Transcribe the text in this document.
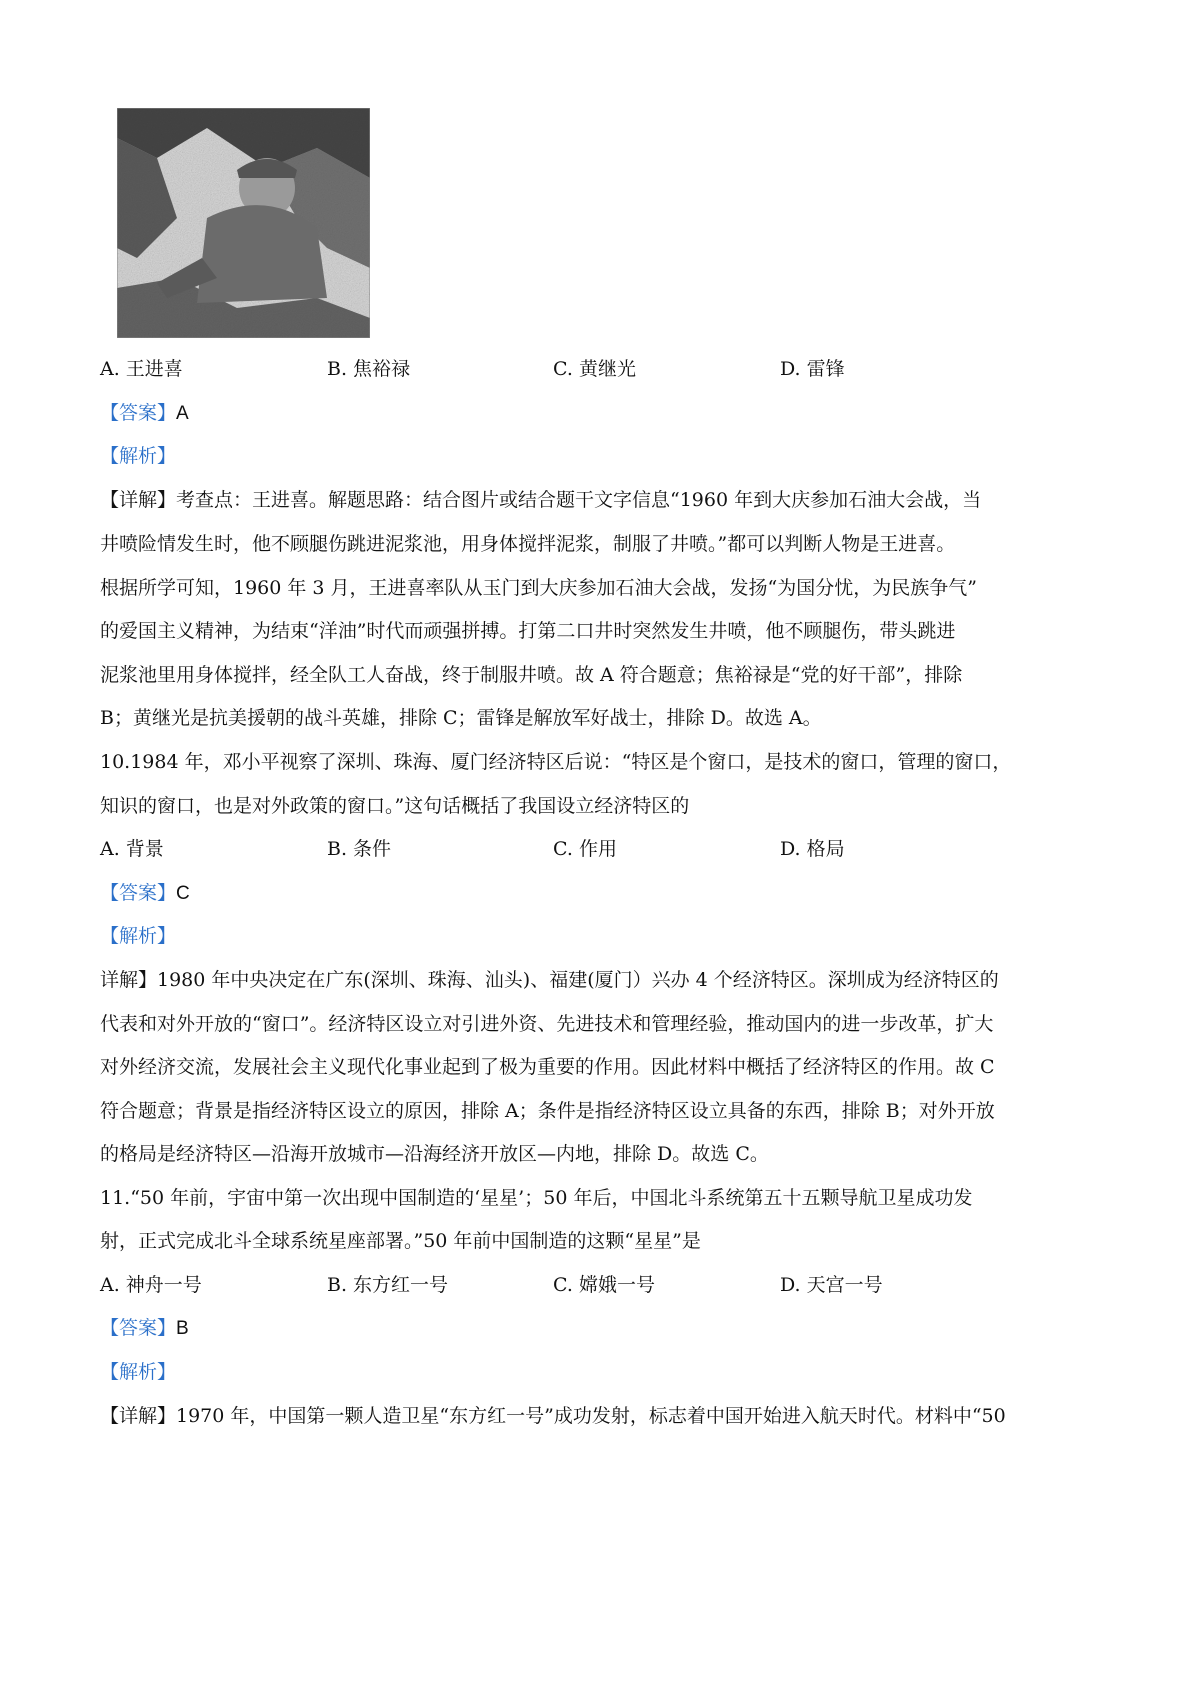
A. 王进喜	B. 焦裕禄	C. 黄继光	D. 雷锋
【答案】A
【解析】
【详解】考查点：王进喜。解题思路：结合图片或结合题干文字信息“1960 年到大庆参加石油大会战，当
井喷险情发生时，他不顾腿伤跳进泥浆池，用身体搅拌泥浆，制服了井喷。”都可以判断人物是王进喜。
根据所学可知，1960 年 3 月，王进喜率队从玉门到大庆参加石油大会战，发扬“为国分忧，为民族争气”
的爱国主义精神，为结束“洋油”时代而顽强拼搏。打第二口井时突然发生井喷，他不顾腿伤，带头跳进
泥浆池里用身体搅拌，经全队工人奋战，终于制服井喷。故 A 符合题意；焦裕禄是“党的好干部”，排除
B；黄继光是抗美援朝的战斗英雄，排除 C；雷锋是解放军好战士，排除 D。故选 A。
10.1984 年，邓小平视察了深圳、珠海、厦门经济特区后说：“特区是个窗口，是技术的窗口，管理的窗口，
知识的窗口，也是对外政策的窗口。”这句话概括了我国设立经济特区的
A. 背景	B. 条件	C. 作用	D. 格局
【答案】C
【解析】
详解】1980 年中央决定在广东(深圳、珠海、汕头)、福建(厦门）兴办 4 个经济特区。深圳成为经济特区的
代表和对外开放的“窗口”。经济特区设立对引进外资、先进技术和管理经验，推动国内的进一步改革，扩大
对外经济交流，发展社会主义现代化事业起到了极为重要的作用。因此材料中概括了经济特区的作用。故 C
符合题意；背景是指经济特区设立的原因，排除 A；条件是指经济特区设立具备的东西，排除 B；对外开放
的格局是经济特区—沿海开放城市—沿海经济开放区—内地，排除 D。故选 C。
11.“50 年前，宇宙中第一次出现中国制造的‘星星’；50 年后，中国北斗系统第五十五颗导航卫星成功发
射，正式完成北斗全球系统星座部署。”50 年前中国制造的这颗“星星”是
A. 神舟一号	B. 东方红一号	C. 嫦娥一号	D. 天宫一号
【答案】B
【解析】
【详解】1970 年，中国第一颗人造卫星“东方红一号”成功发射，标志着中国开始进入航天时代。材料中“50
